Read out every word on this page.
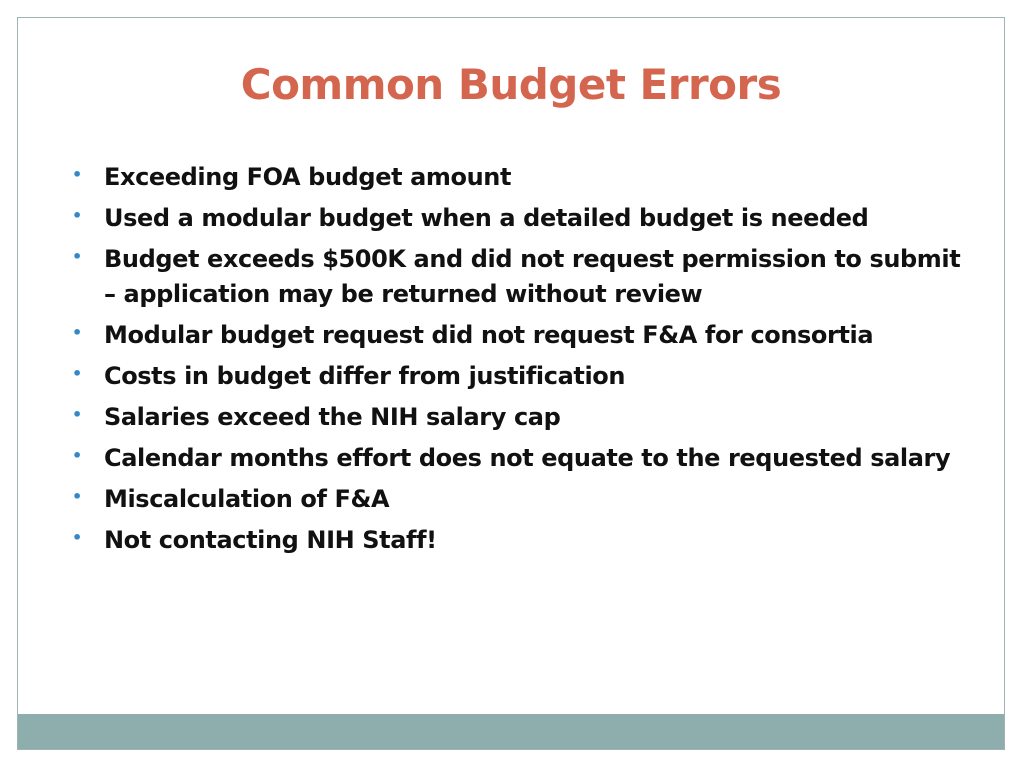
Common Budget Errors
• Exceeding FOA budget amount
• Used a modular budget when a detailed budget is needed
• Budget exceeds $500K and did not request permission to submit – application may be returned without review
• Modular budget request did not request F&A for consortia
• Costs in budget differ from justification
• Salaries exceed the NIH salary cap
• Calendar months effort does not equate to the requested salary
• Miscalculation of F&A
• Not contacting NIH Staff!
